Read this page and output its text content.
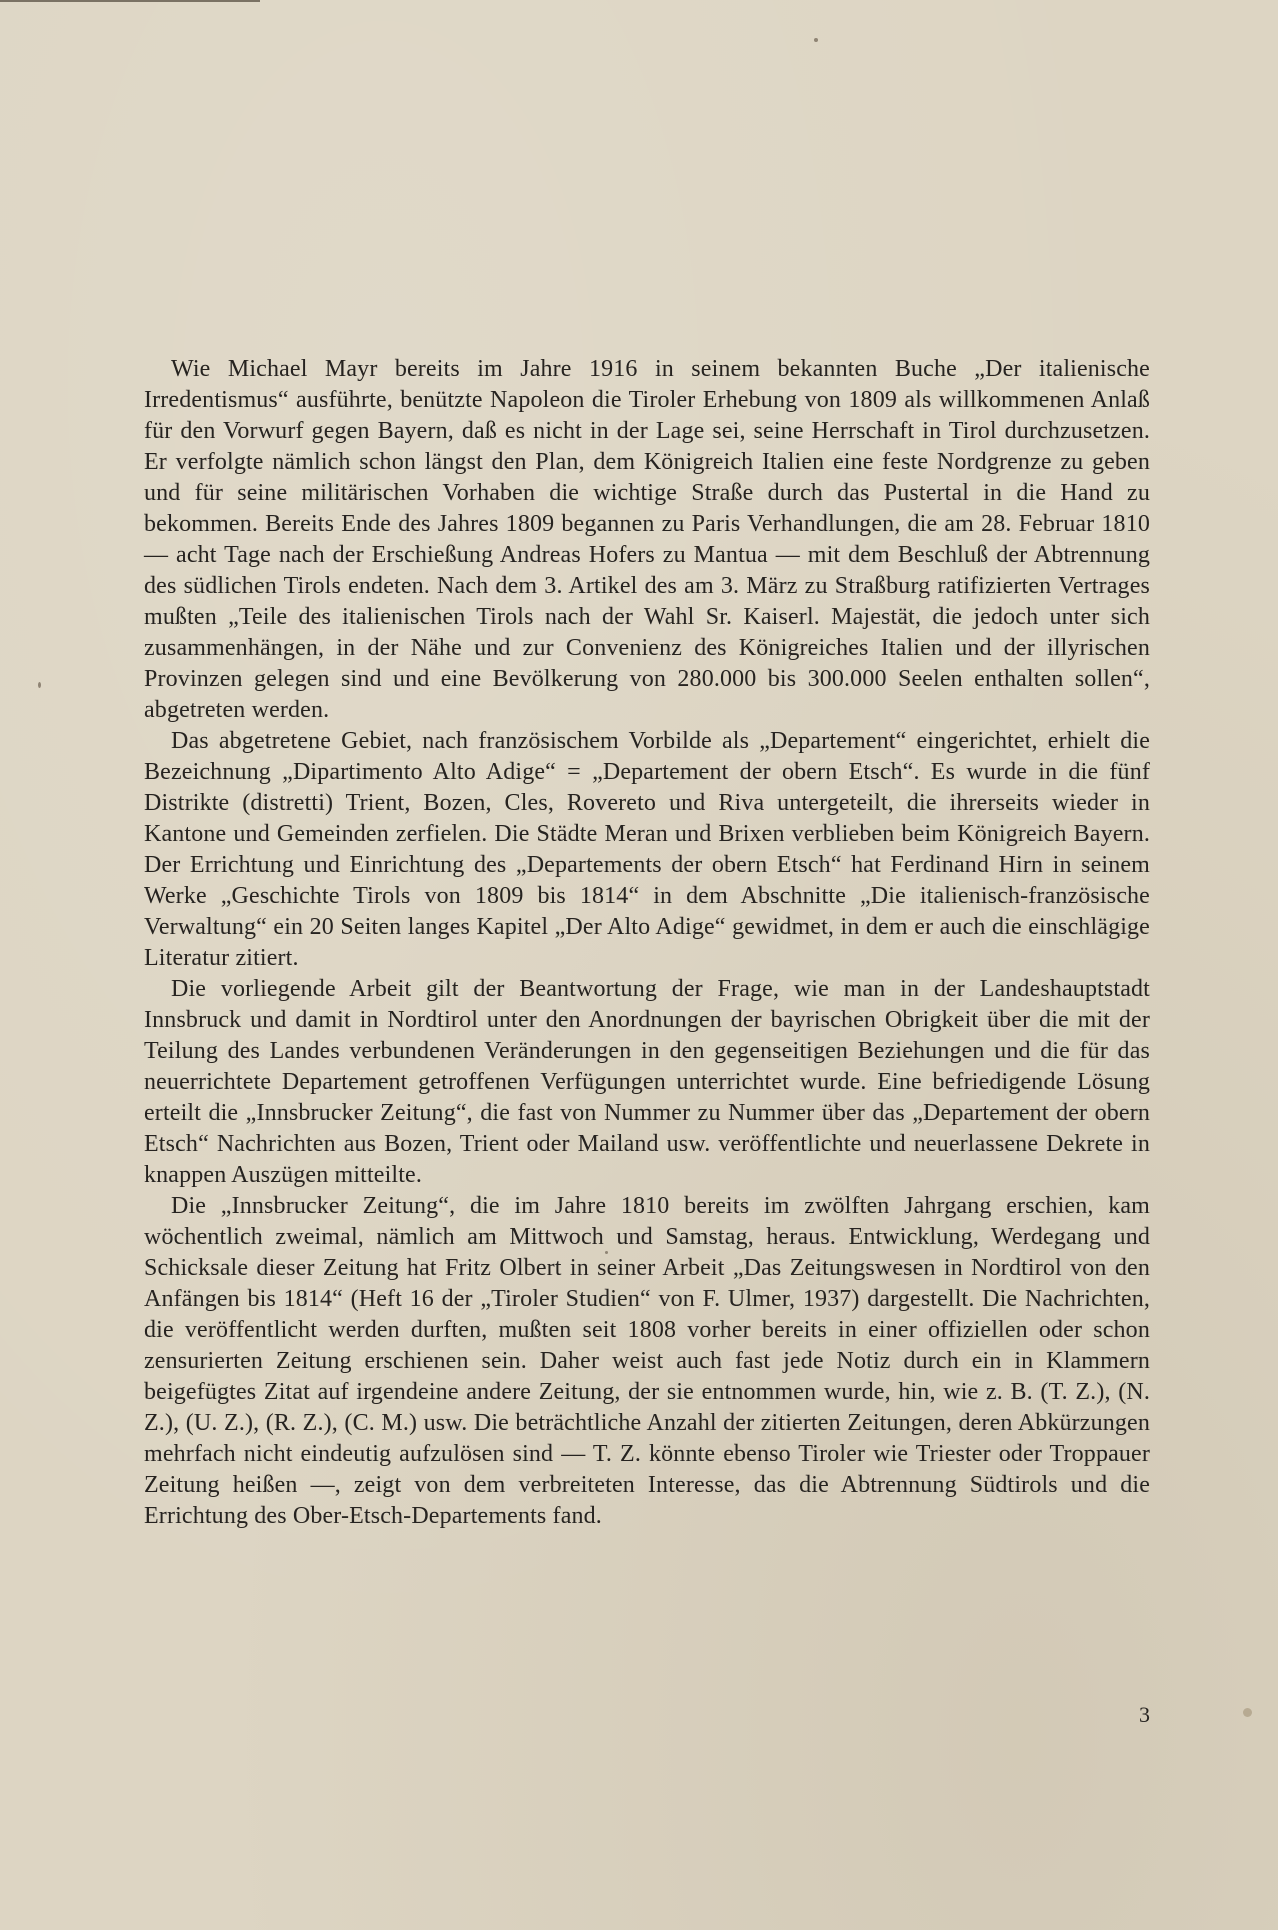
Wie Michael Mayr bereits im Jahre 1916 in seinem bekannten Buche „Der italienische Irredentismus“ ausführte, benützte Napoleon die Tiroler Erhebung von 1809 als willkommenen Anlaß für den Vorwurf gegen Bayern, daß es nicht in der Lage sei, seine Herrschaft in Tirol durchzusetzen. Er verfolgte nämlich schon längst den Plan, dem Königreich Italien eine feste Nordgrenze zu geben und für seine militärischen Vorhaben die wichtige Straße durch das Pustertal in die Hand zu bekommen. Bereits Ende des Jahres 1809 begannen zu Paris Verhandlungen, die am 28. Februar 1810 — acht Tage nach der Erschießung Andreas Hofers zu Mantua — mit dem Beschluß der Abtrennung des südlichen Tirols endeten. Nach dem 3. Artikel des am 3. März zu Straßburg ratifizierten Vertrages mußten „Teile des italienischen Tirols nach der Wahl Sr. Kaiserl. Majestät, die jedoch unter sich zusammenhängen, in der Nähe und zur Convenienz des Königreiches Italien und der illyrischen Provinzen gelegen sind und eine Bevölkerung von 280.000 bis 300.000 Seelen enthalten sollen“, abgetreten werden.

Das abgetretene Gebiet, nach französischem Vorbilde als „Departement“ eingerichtet, erhielt die Bezeichnung „Dipartimento Alto Adige“ = „Departement der obern Etsch“. Es wurde in die fünf Distrikte (distretti) Trient, Bozen, Cles, Rovereto und Riva untergeteilt, die ihrerseits wieder in Kantone und Gemeinden zerfielen. Die Städte Meran und Brixen verblieben beim Königreich Bayern. Der Errichtung und Einrichtung des „Departements der obern Etsch“ hat Ferdinand Hirn in seinem Werke „Geschichte Tirols von 1809 bis 1814“ in dem Abschnitte „Die italienisch-französische Verwaltung“ ein 20 Seiten langes Kapitel „Der Alto Adige“ gewidmet, in dem er auch die einschlägige Literatur zitiert.

Die vorliegende Arbeit gilt der Beantwortung der Frage, wie man in der Landeshauptstadt Innsbruck und damit in Nordtirol unter den Anordnungen der bayrischen Obrigkeit über die mit der Teilung des Landes verbundenen Veränderungen in den gegenseitigen Beziehungen und die für das neuerrichtete Departement getroffenen Verfügungen unterrichtet wurde. Eine befriedigende Lösung erteilt die „Innsbrucker Zeitung“, die fast von Nummer zu Nummer über das „Departement der obern Etsch“ Nachrichten aus Bozen, Trient oder Mailand usw. veröffentlichte und neuerlassene Dekrete in knappen Auszügen mitteilte.

Die „Innsbrucker Zeitung“, die im Jahre 1810 bereits im zwölften Jahrgang erschien, kam wöchentlich zweimal, nämlich am Mittwoch und Samstag, heraus. Entwicklung, Werdegang und Schicksale dieser Zeitung hat Fritz Olbert in seiner Arbeit „Das Zeitungswesen in Nordtirol von den Anfängen bis 1814“ (Heft 16 der „Tiroler Studien“ von F. Ulmer, 1937) dargestellt. Die Nachrichten, die veröffentlicht werden durften, mußten seit 1808 vorher bereits in einer offiziellen oder schon zensurierten Zeitung erschienen sein. Daher weist auch fast jede Notiz durch ein in Klammern beigefügtes Zitat auf irgendeine andere Zeitung, der sie entnommen wurde, hin, wie z. B. (T. Z.), (N. Z.), (U. Z.), (R. Z.), (C. M.) usw. Die beträchtliche Anzahl der zitierten Zeitungen, deren Abkürzungen mehrfach nicht eindeutig aufzulösen sind — T. Z. könnte ebenso Tiroler wie Triester oder Troppauer Zeitung heißen —, zeigt von dem verbreiteten Interesse, das die Abtrennung Südtirols und die Errichtung des Ober-Etsch-Departements fand.

3
